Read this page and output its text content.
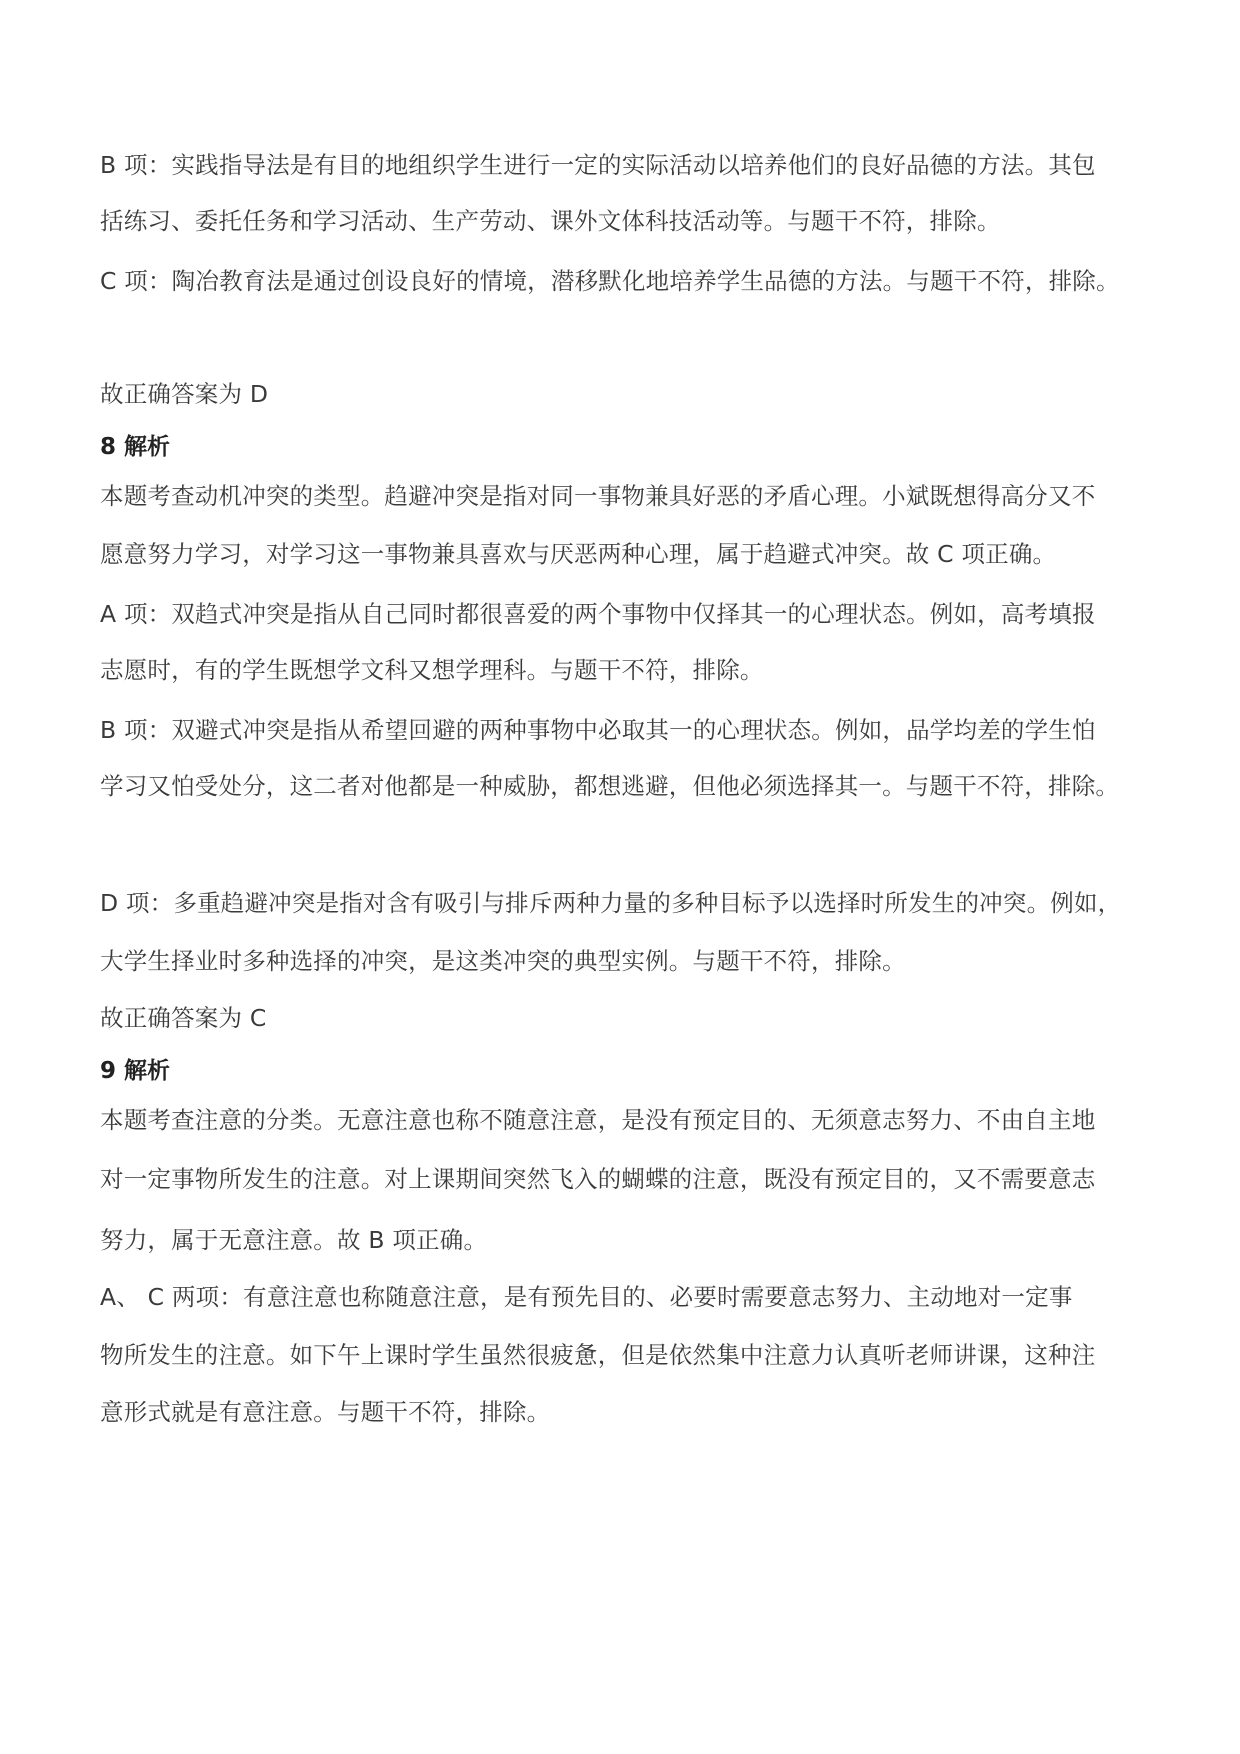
B 项：实践指导法是有目的地组织学生进行一定的实际活动以培养他们的良好品德的方法。其包
括练习、委托任务和学习活动、生产劳动、课外文体科技活动等。与题干不符，排除。
C 项：陶冶教育法是通过创设良好的情境，潜移默化地培养学生品德的方法。与题干不符，排除。
故正确答案为 D
8 解析
本题考查动机冲突的类型。趋避冲突是指对同一事物兼具好恶的矛盾心理。小斌既想得高分又不
愿意努力学习，对学习这一事物兼具喜欢与厌恶两种心理，属于趋避式冲突。故 C 项正确。
A 项：双趋式冲突是指从自己同时都很喜爱的两个事物中仅择其一的心理状态。例如，高考填报
志愿时，有的学生既想学文科又想学理科。与题干不符，排除。
B 项：双避式冲突是指从希望回避的两种事物中必取其一的心理状态。例如，品学均差的学生怕
学习又怕受处分，这二者对他都是一种威胁，都想逃避，但他必须选择其一。与题干不符，排除。
D 项：多重趋避冲突是指对含有吸引与排斥两种力量的多种目标予以选择时所发生的冲突。例如，
大学生择业时多种选择的冲突，是这类冲突的典型实例。与题干不符，排除。
故正确答案为 C
9 解析
本题考查注意的分类。无意注意也称不随意注意，是没有预定目的、无须意志努力、不由自主地
对一定事物所发生的注意。对上课期间突然飞入的蝴蝶的注意，既没有预定目的，又不需要意志
努力，属于无意注意。故 B 项正确。
A、 C 两项：有意注意也称随意注意，是有预先目的、必要时需要意志努力、主动地对一定事
物所发生的注意。如下午上课时学生虽然很疲惫，但是依然集中注意力认真听老师讲课，这种注
意形式就是有意注意。与题干不符，排除。
